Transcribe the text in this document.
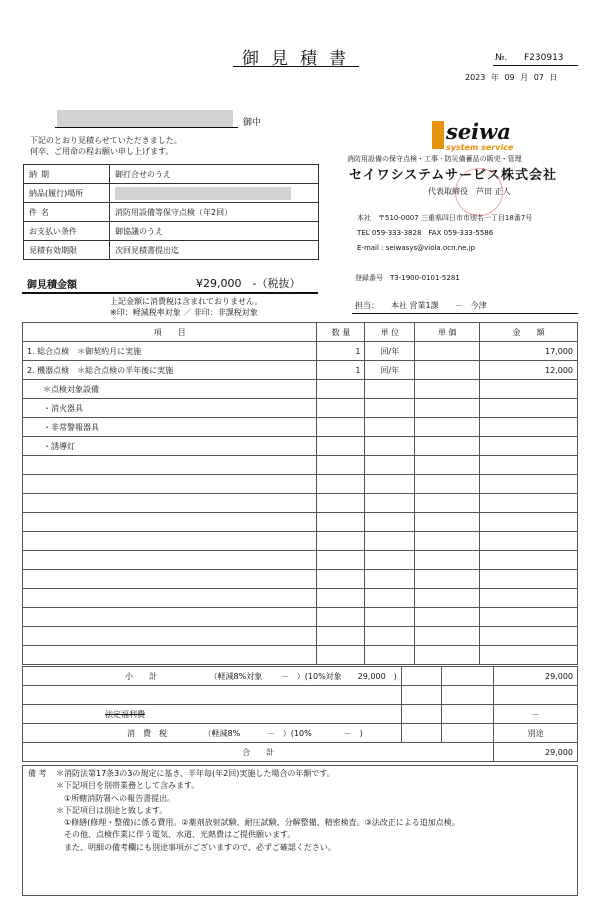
御見積書	№. F230913
2023 年 09 月 07 日
御中
下記のとおり見積らせていただきました。
何卒、ご用命の程お願い申し上げます。
納期	御打合せのうえ
納品(履行)場所	
件名	消防用設備等保守点検（年2回）
お支払い条件	御協議のうえ
見積有効期限	次回見積書提出迄
seiwa
system service
消防用設備の保守点検・工事 · 防災備蓄品の販売・管理
セイワシステムサービス株式会社
代表取締役　芦田 正人
本社　〒510-0007 三重県四日市市別名一丁目18番7号
TEL 059-333-3828　FAX 059-333-5586
E-mail : seiwasys@viola.ocn.ne.jp
御見積金額	¥29,000　-（税抜）
上記金額に消費税は含まれておりません。
※印：軽減税率対象 ／ 非印：非課税対象
登録番号　T3-1900-0101-5281
担当：　　本社 営業1課　　－　今津
項　　目	数 量	単 位	単 価	金　　額
1. 総合点検　＊御契約月に実施	1	回/年		17,000
2. 機器点検　＊総合点検の半年後に実施	1	回/年		12,000
　　＊点検対象設備				
　　・消火器具				
　　・非常警報器具				
　　・誘導灯				

小　　計 （軽減8%対象　　 －　）(10%対象　　29,000　)			29,000

法定福利費			－
消　費　税 （軽減8%　　　 －　）(10%　　　　－　)			別途
合　　計			29,000
備 考	＊消防法第17条3の3の規定に基き、半年毎(年2回)実施した場合の年額です。
＊下記項目を別帯業務として含みます。
　①所轄消防署への報告書提出。
＊下記項目は別途と致します。
　①修繕(修理・整備)に係る費用。②薬剤放射試験、耐圧試験、分解整備、精密検査。③法改正による追加点検。
　その他、点検作業に伴う電気、水道、光熱費はご提供願います。
　また、明細の備考欄にも別途事項がございますので、必ずご確認ください。
